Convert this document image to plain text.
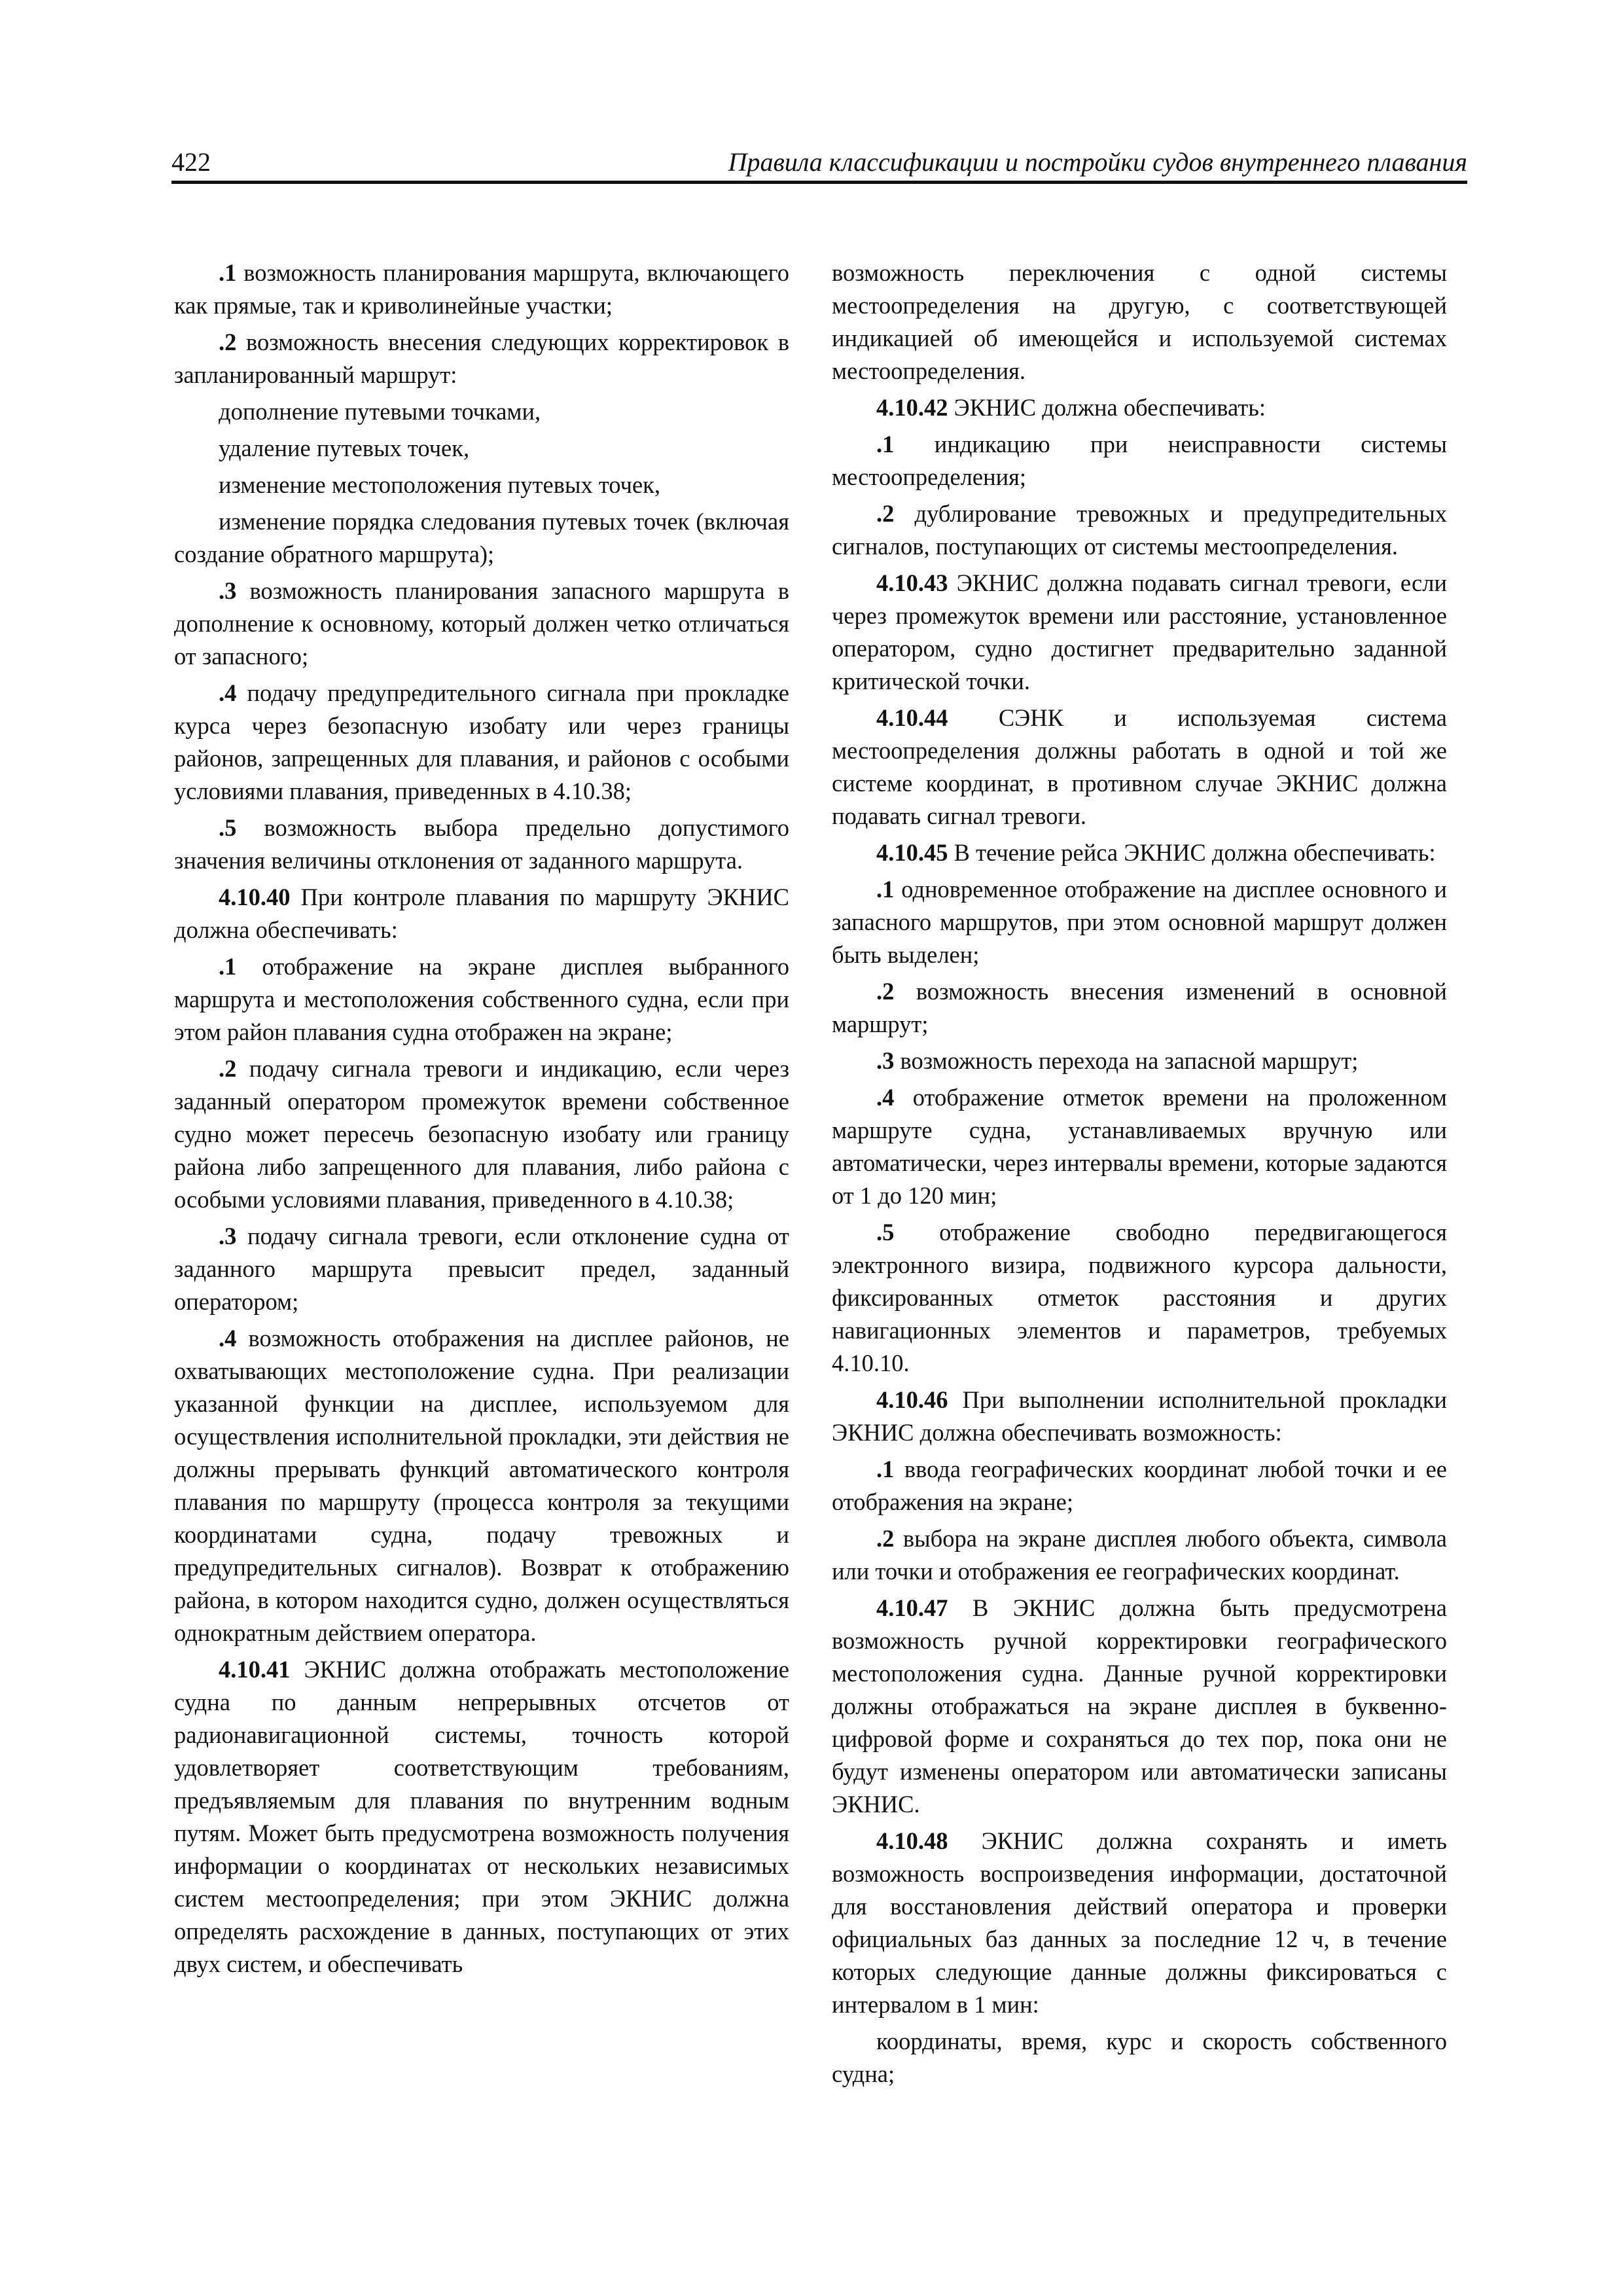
422	Правила классификации и постройки судов внутреннего плавания

.1 возможность планирования маршрута, включающего как прямые, так и криволинейные участки;

.2 возможность внесения следующих корректировок в запланированный маршрут:

дополнение путевыми точками,

удаление путевых точек,

изменение местоположения путевых точек,

изменение порядка следования путевых точек (включая создание обратного маршрута);

.3 возможность планирования запасного маршрута в дополнение к основному, который должен четко отличаться от запасного;

.4 подачу предупредительного сигнала при прокладке курса через безопасную изобату или через границы районов, запрещенных для плавания, и районов с особыми условиями плавания, приведенных в 4.10.38;

.5 возможность выбора предельно допустимого значения величины отклонения от заданного маршрута.

4.10.40 При контроле плавания по маршруту ЭКНИС должна обеспечивать:

.1 отображение на экране дисплея выбранного маршрута и местоположения собственного судна, если при этом район плавания судна отображен на экране;

.2 подачу сигнала тревоги и индикацию, если через заданный оператором промежуток времени собственное судно может пересечь безопасную изобату или границу района либо запрещенного для плавания, либо района с особыми условиями плавания, приведенного в 4.10.38;

.3 подачу сигнала тревоги, если отклонение судна от заданного маршрута превысит предел, заданный оператором;

.4 возможность отображения на дисплее районов, не охватывающих местоположение судна. При реализации указанной функции на дисплее, используемом для осуществления исполнительной прокладки, эти действия не должны прерывать функций автоматического контроля плавания по маршруту (процесса контроля за текущими координатами судна, подачу тревожных и предупредительных сигналов). Возврат к отображению района, в котором находится судно, должен осуществляться однократным действием оператора.

4.10.41 ЭКНИС должна отображать местоположение судна по данным непрерывных отсчетов от радионавигационной системы, точность которой удовлетворяет соответствующим требованиям, предъявляемым для плавания по внутренним водным путям. Может быть предусмотрена возможность получения информации о координатах от нескольких независимых систем местоопределения; при этом ЭКНИС должна определять расхождение в данных, поступающих от этих двух систем, и обеспечивать

возможность переключения с одной системы местоопределения на другую, с соответствующей индикацией об имеющейся и используемой системах местоопределения.

4.10.42 ЭКНИС должна обеспечивать:

.1 индикацию при неисправности системы местоопределения;

.2 дублирование тревожных и предупредительных сигналов, поступающих от системы местоопределения.

4.10.43 ЭКНИС должна подавать сигнал тревоги, если через промежуток времени или расстояние, установленное оператором, судно достигнет предварительно заданной критической точки.

4.10.44 СЭНК и используемая система местоопределения должны работать в одной и той же системе координат, в противном случае ЭКНИС должна подавать сигнал тревоги.

4.10.45 В течение рейса ЭКНИС должна обеспечивать:

.1 одновременное отображение на дисплее основного и запасного маршрутов, при этом основной маршрут должен быть выделен;

.2 возможность внесения изменений в основной маршрут;

.3 возможность перехода на запасной маршрут;

.4 отображение отметок времени на проложенном маршруте судна, устанавливаемых вручную или автоматически, через интервалы времени, которые задаются от 1 до 120 мин;

.5 отображение свободно передвигающегося электронного визира, подвижного курсора дальности, фиксированных отметок расстояния и других навигационных элементов и параметров, требуемых 4.10.10.

4.10.46 При выполнении исполнительной прокладки ЭКНИС должна обеспечивать возможность:

.1 ввода географических координат любой точки и ее отображения на экране;

.2 выбора на экране дисплея любого объекта, символа или точки и отображения ее географических координат.

4.10.47 В ЭКНИС должна быть предусмотрена возможность ручной корректировки географического местоположения судна. Данные ручной корректировки должны отображаться на экране дисплея в буквенно-цифровой форме и сохраняться до тех пор, пока они не будут изменены оператором или автоматически записаны ЭКНИС.

4.10.48 ЭКНИС должна сохранять и иметь возможность воспроизведения информации, достаточной для восстановления действий оператора и проверки официальных баз данных за последние 12 ч, в течение которых следующие данные должны фиксироваться с интервалом в 1 мин:

координаты, время, курс и скорость собственного судна;
